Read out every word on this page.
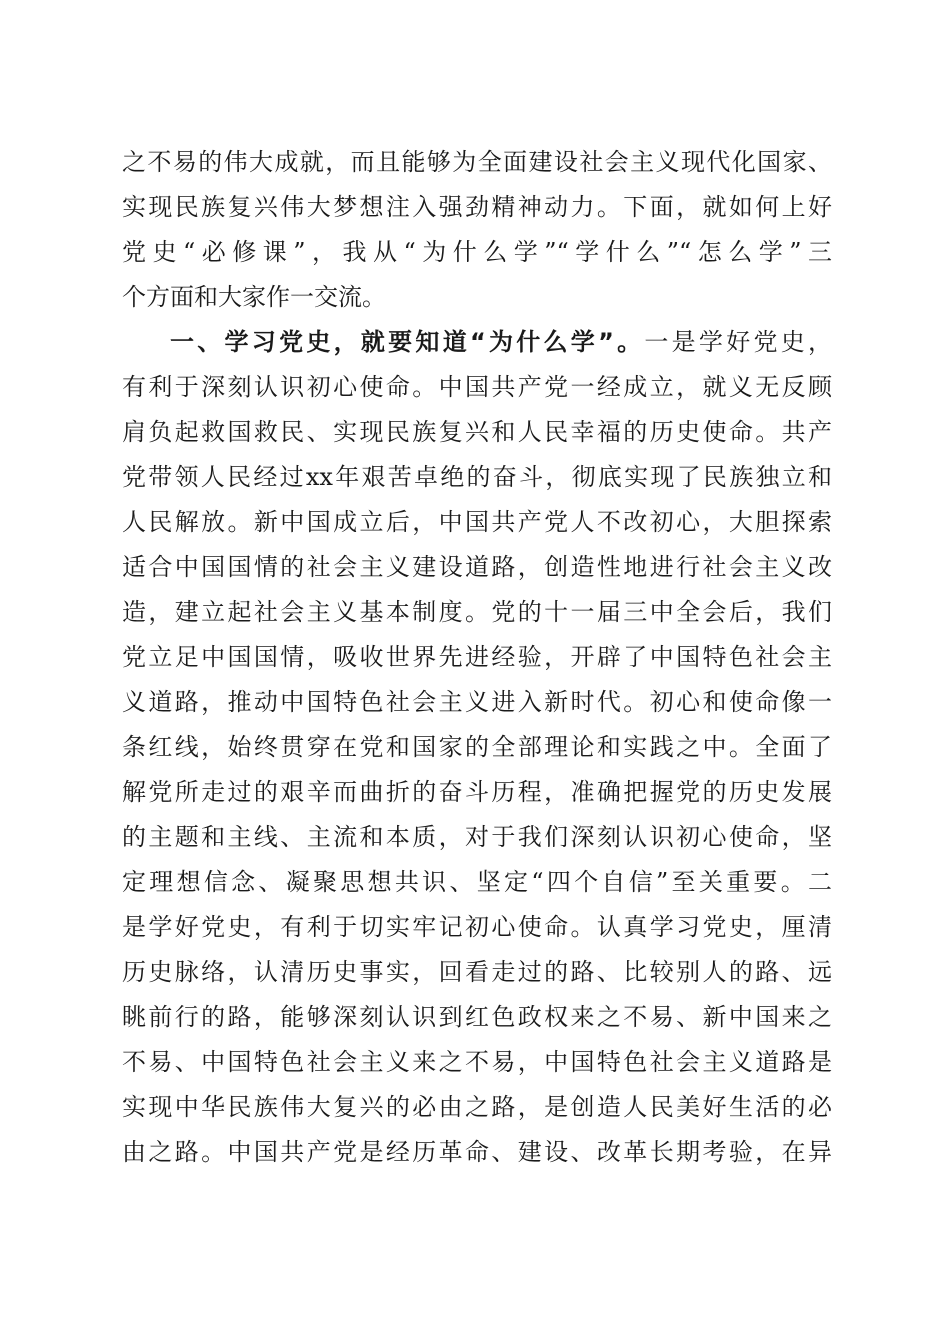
之不易的伟大成就，而且能够为全面建设社会主义现代化国家、
实现民族复兴伟大梦想注入强劲精神动力。下面，就如何上好
党史“必修课”，我从“为什么学”“学什么”“怎么学”三
个方面和大家作一交流。
一、学习党史，就要知道“为什么学”。一是学好党史，
有利于深刻认识初心使命。中国共产党一经成立，就义无反顾
肩负起救国救民、实现民族复兴和人民幸福的历史使命。共产
党带领人民经过xx年艰苦卓绝的奋斗，彻底实现了民族独立和
人民解放。新中国成立后，中国共产党人不改初心，大胆探索
适合中国国情的社会主义建设道路，创造性地进行社会主义改
造，建立起社会主义基本制度。党的十一届三中全会后，我们
党立足中国国情，吸收世界先进经验，开辟了中国特色社会主
义道路，推动中国特色社会主义进入新时代。初心和使命像一
条红线，始终贯穿在党和国家的全部理论和实践之中。全面了
解党所走过的艰辛而曲折的奋斗历程，准确把握党的历史发展
的主题和主线、主流和本质，对于我们深刻认识初心使命，坚
定理想信念、凝聚思想共识、坚定“四个自信”至关重要。二
是学好党史，有利于切实牢记初心使命。认真学习党史，厘清
历史脉络，认清历史事实，回看走过的路、比较别人的路、远
眺前行的路，能够深刻认识到红色政权来之不易、新中国来之
不易、中国特色社会主义来之不易，中国特色社会主义道路是
实现中华民族伟大复兴的必由之路，是创造人民美好生活的必
由之路。中国共产党是经历革命、建设、改革长期考验，在异
